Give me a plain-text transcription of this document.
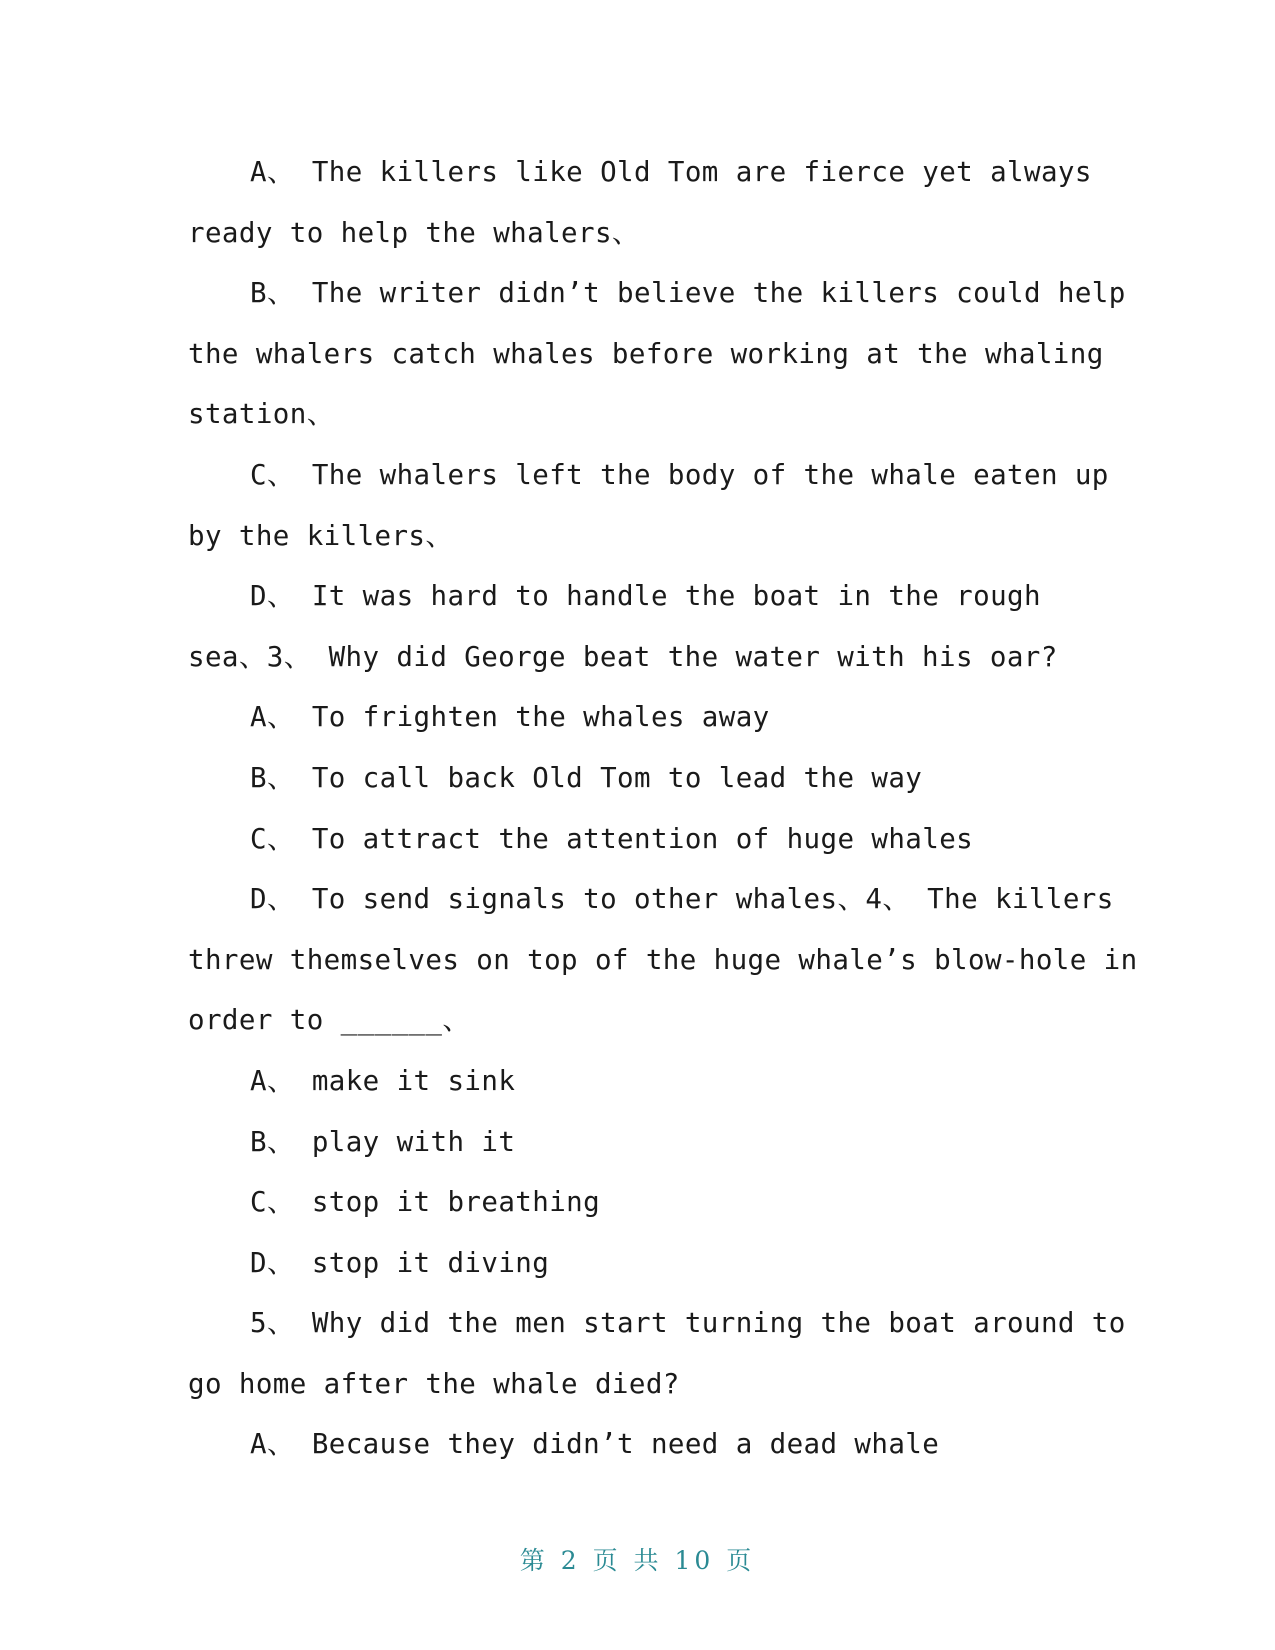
A、 The killers like Old Tom are fierce yet always
ready to help the whalers、
B、 The writer didn’t believe the killers could help
the whalers catch whales before working at the whaling
station、
C、 The whalers left the body of the whale eaten up
by the killers、
D、 It was hard to handle the boat in the rough
sea、3、 Why did George beat the water with his oar?
A、 To frighten the whales away
B、 To call back Old Tom to lead the way
C、 To attract the attention of huge whales
D、 To send signals to other whales、4、 The killers
threw themselves on top of the huge whale’s blow-hole in
order to ______、
A、 make it sink
B、 play with it
C、 stop it breathing
D、 stop it diving
5、 Why did the men start turning the boat around to
go home after the whale died?
A、 Because they didn’t need a dead whale
第 2 页 共 10 页
